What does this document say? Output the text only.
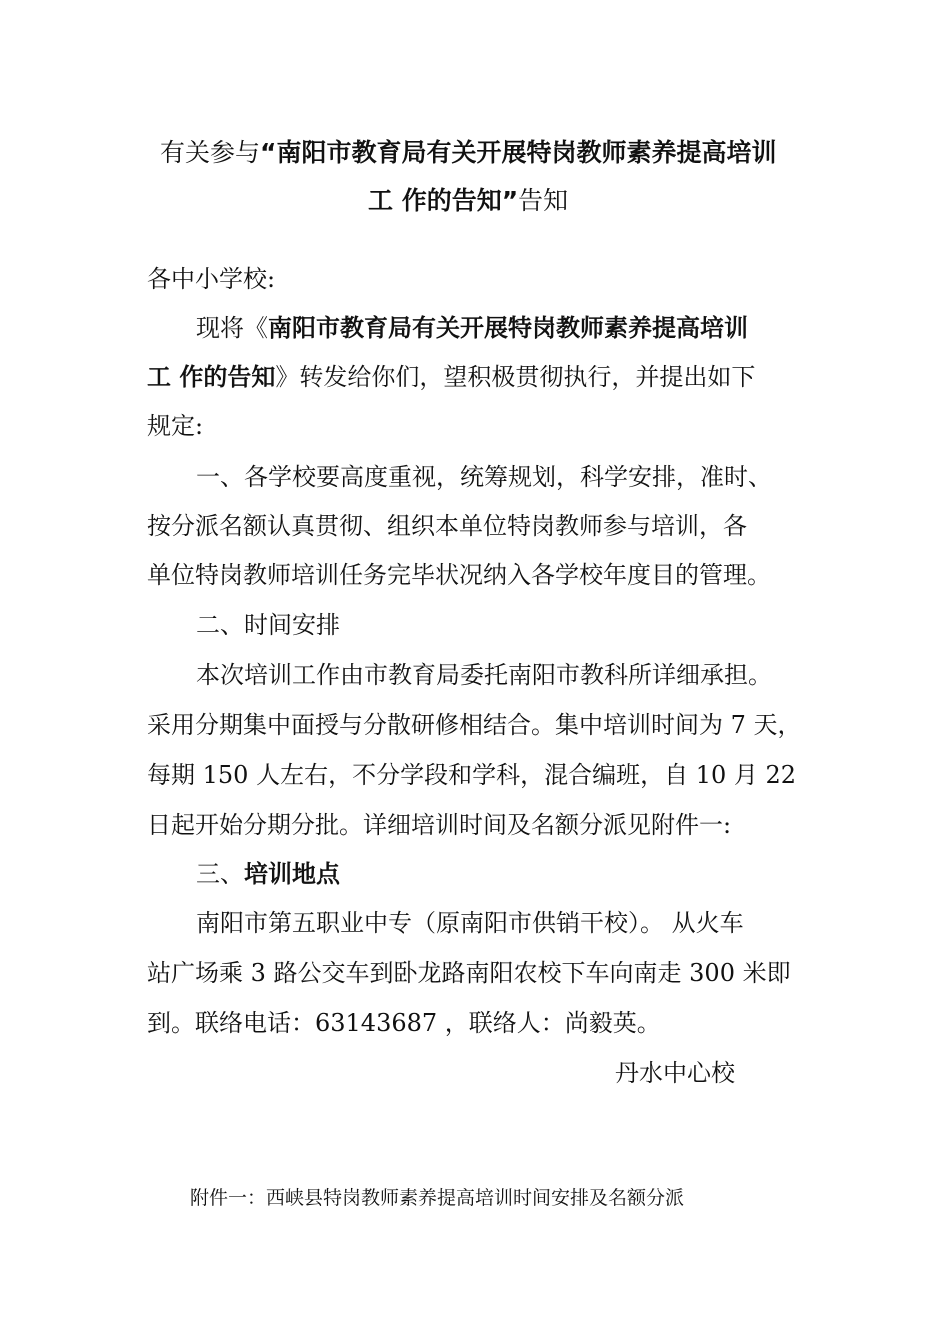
有关参与“南阳市教育局有关开展特岗教师素养提高培训
工 作的告知”告知
各中小学校:
现将《南阳市教育局有关开展特岗教师素养提高培训
工 作的告知》转发给你们，望积极贯彻执行，并提出如下
规定:
一、各学校要高度重视，统筹规划，科学安排，准时、
按分派名额认真贯彻、组织本单位特岗教师参与培训，各
单位特岗教师培训任务完毕状况纳入各学校年度目的管理。
二、时间安排
本次培训工作由市教育局委托南阳市教科所详细承担。
采用分期集中面授与分散研修相结合。集中培训时间为 7 天，
每期 150 人左右，不分学段和学科，混合编班，自 10 月 22
日起开始分期分批。详细培训时间及名额分派见附件一:
三、培训地点
南阳市第五职业中专（原南阳市供销干校）。 从火车
站广场乘 3 路公交车到卧龙路南阳农校下车向南走 300 米即
到。联络电话：63143687 ，联络人：尚毅英。
丹水中心校
附件一：西峡县特岗教师素养提高培训时间安排及名额分派
